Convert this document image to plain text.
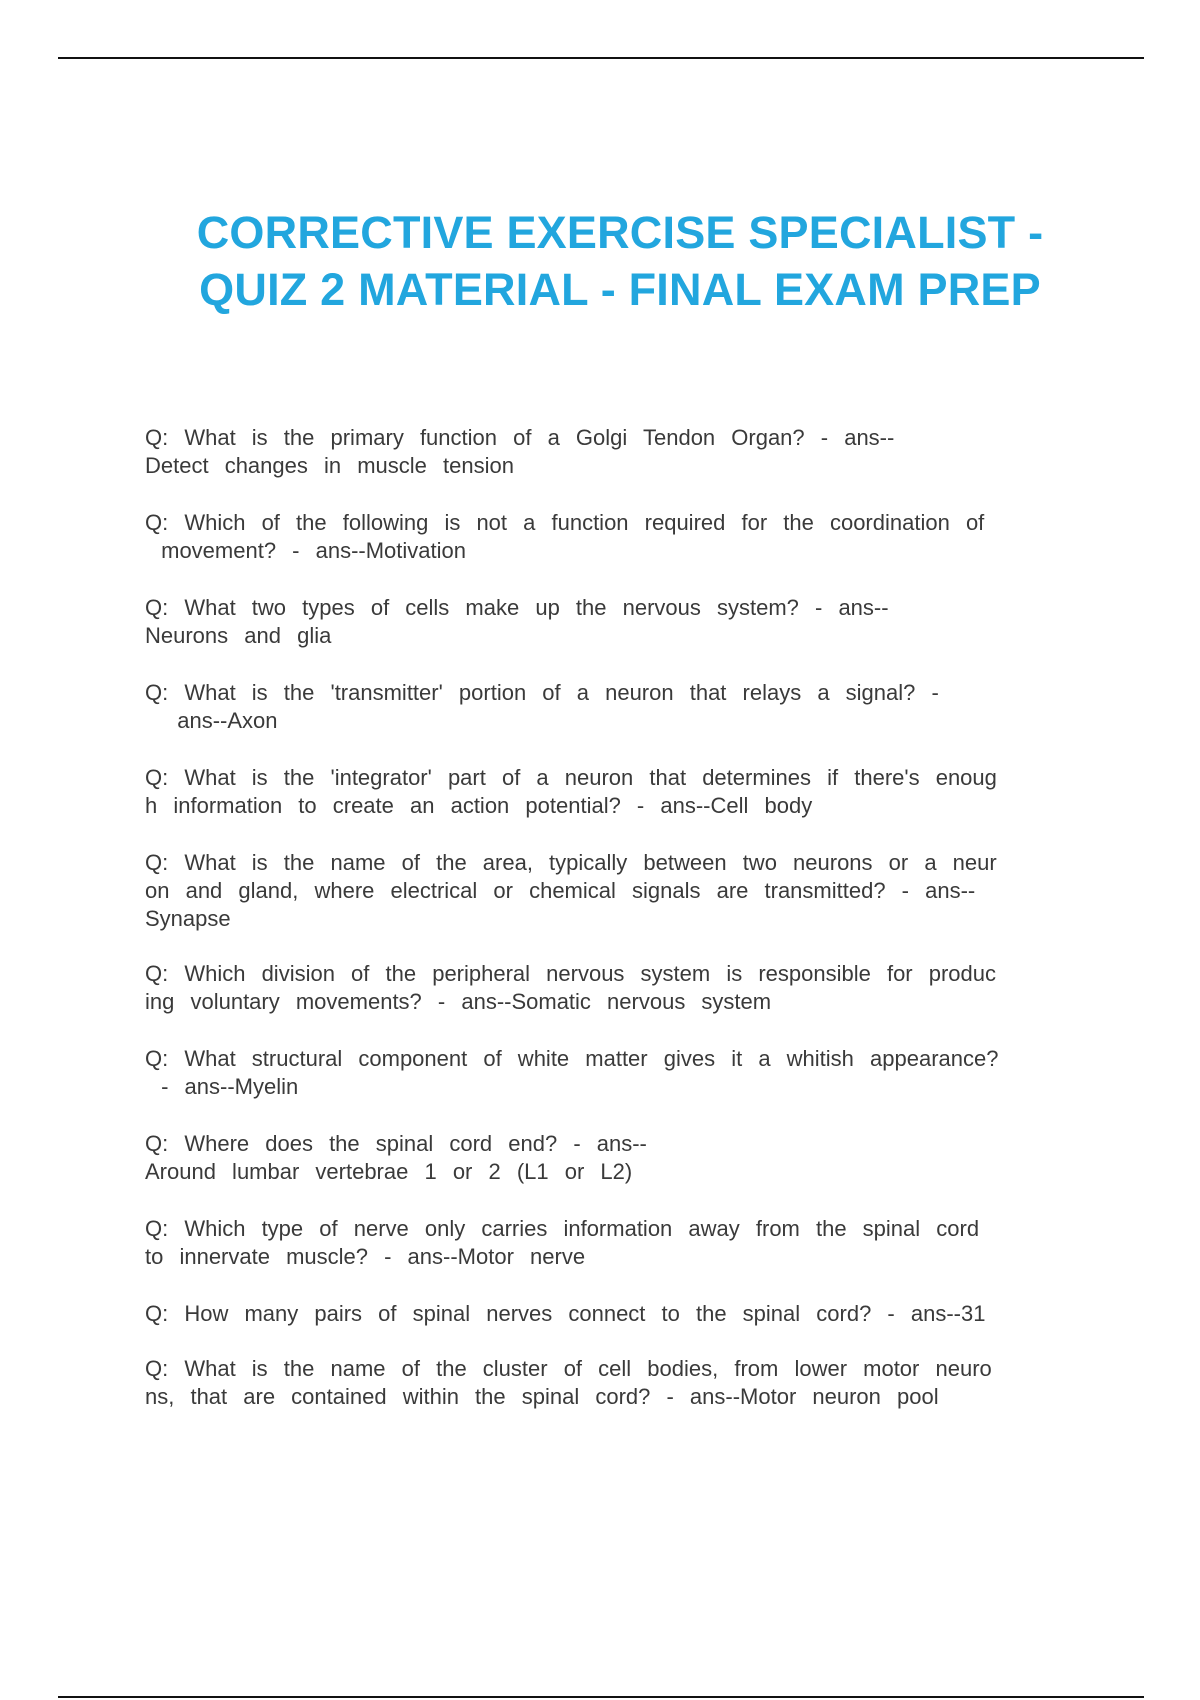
CORRECTIVE EXERCISE SPECIALIST -
QUIZ 2 MATERIAL - FINAL EXAM PREP
Q: What is the primary function of a Golgi Tendon Organ? - ans--
Detect changes in muscle tension
Q: Which of the following is not a function required for the coordination of
movement? - ans--Motivation
Q: What two types of cells make up the nervous system? - ans--
Neurons and glia
Q: What is the 'transmitter' portion of a neuron that relays a signal? -
ans--Axon
Q: What is the 'integrator' part of a neuron that determines if there's enoug
h information to create an action potential? - ans--Cell body
Q: What is the name of the area, typically between two neurons or a neur
on and gland, where electrical or chemical signals are transmitted? - ans--
Synapse
Q: Which division of the peripheral nervous system is responsible for produc
ing voluntary movements? - ans--Somatic nervous system
Q: What structural component of white matter gives it a whitish appearance?
- ans--Myelin
Q: Where does the spinal cord end? - ans--
Around lumbar vertebrae 1 or 2 (L1 or L2)
Q: Which type of nerve only carries information away from the spinal cord
to innervate muscle? - ans--Motor nerve
Q: How many pairs of spinal nerves connect to the spinal cord? - ans--31
Q: What is the name of the cluster of cell bodies, from lower motor neuro
ns, that are contained within the spinal cord? - ans--Motor neuron pool
